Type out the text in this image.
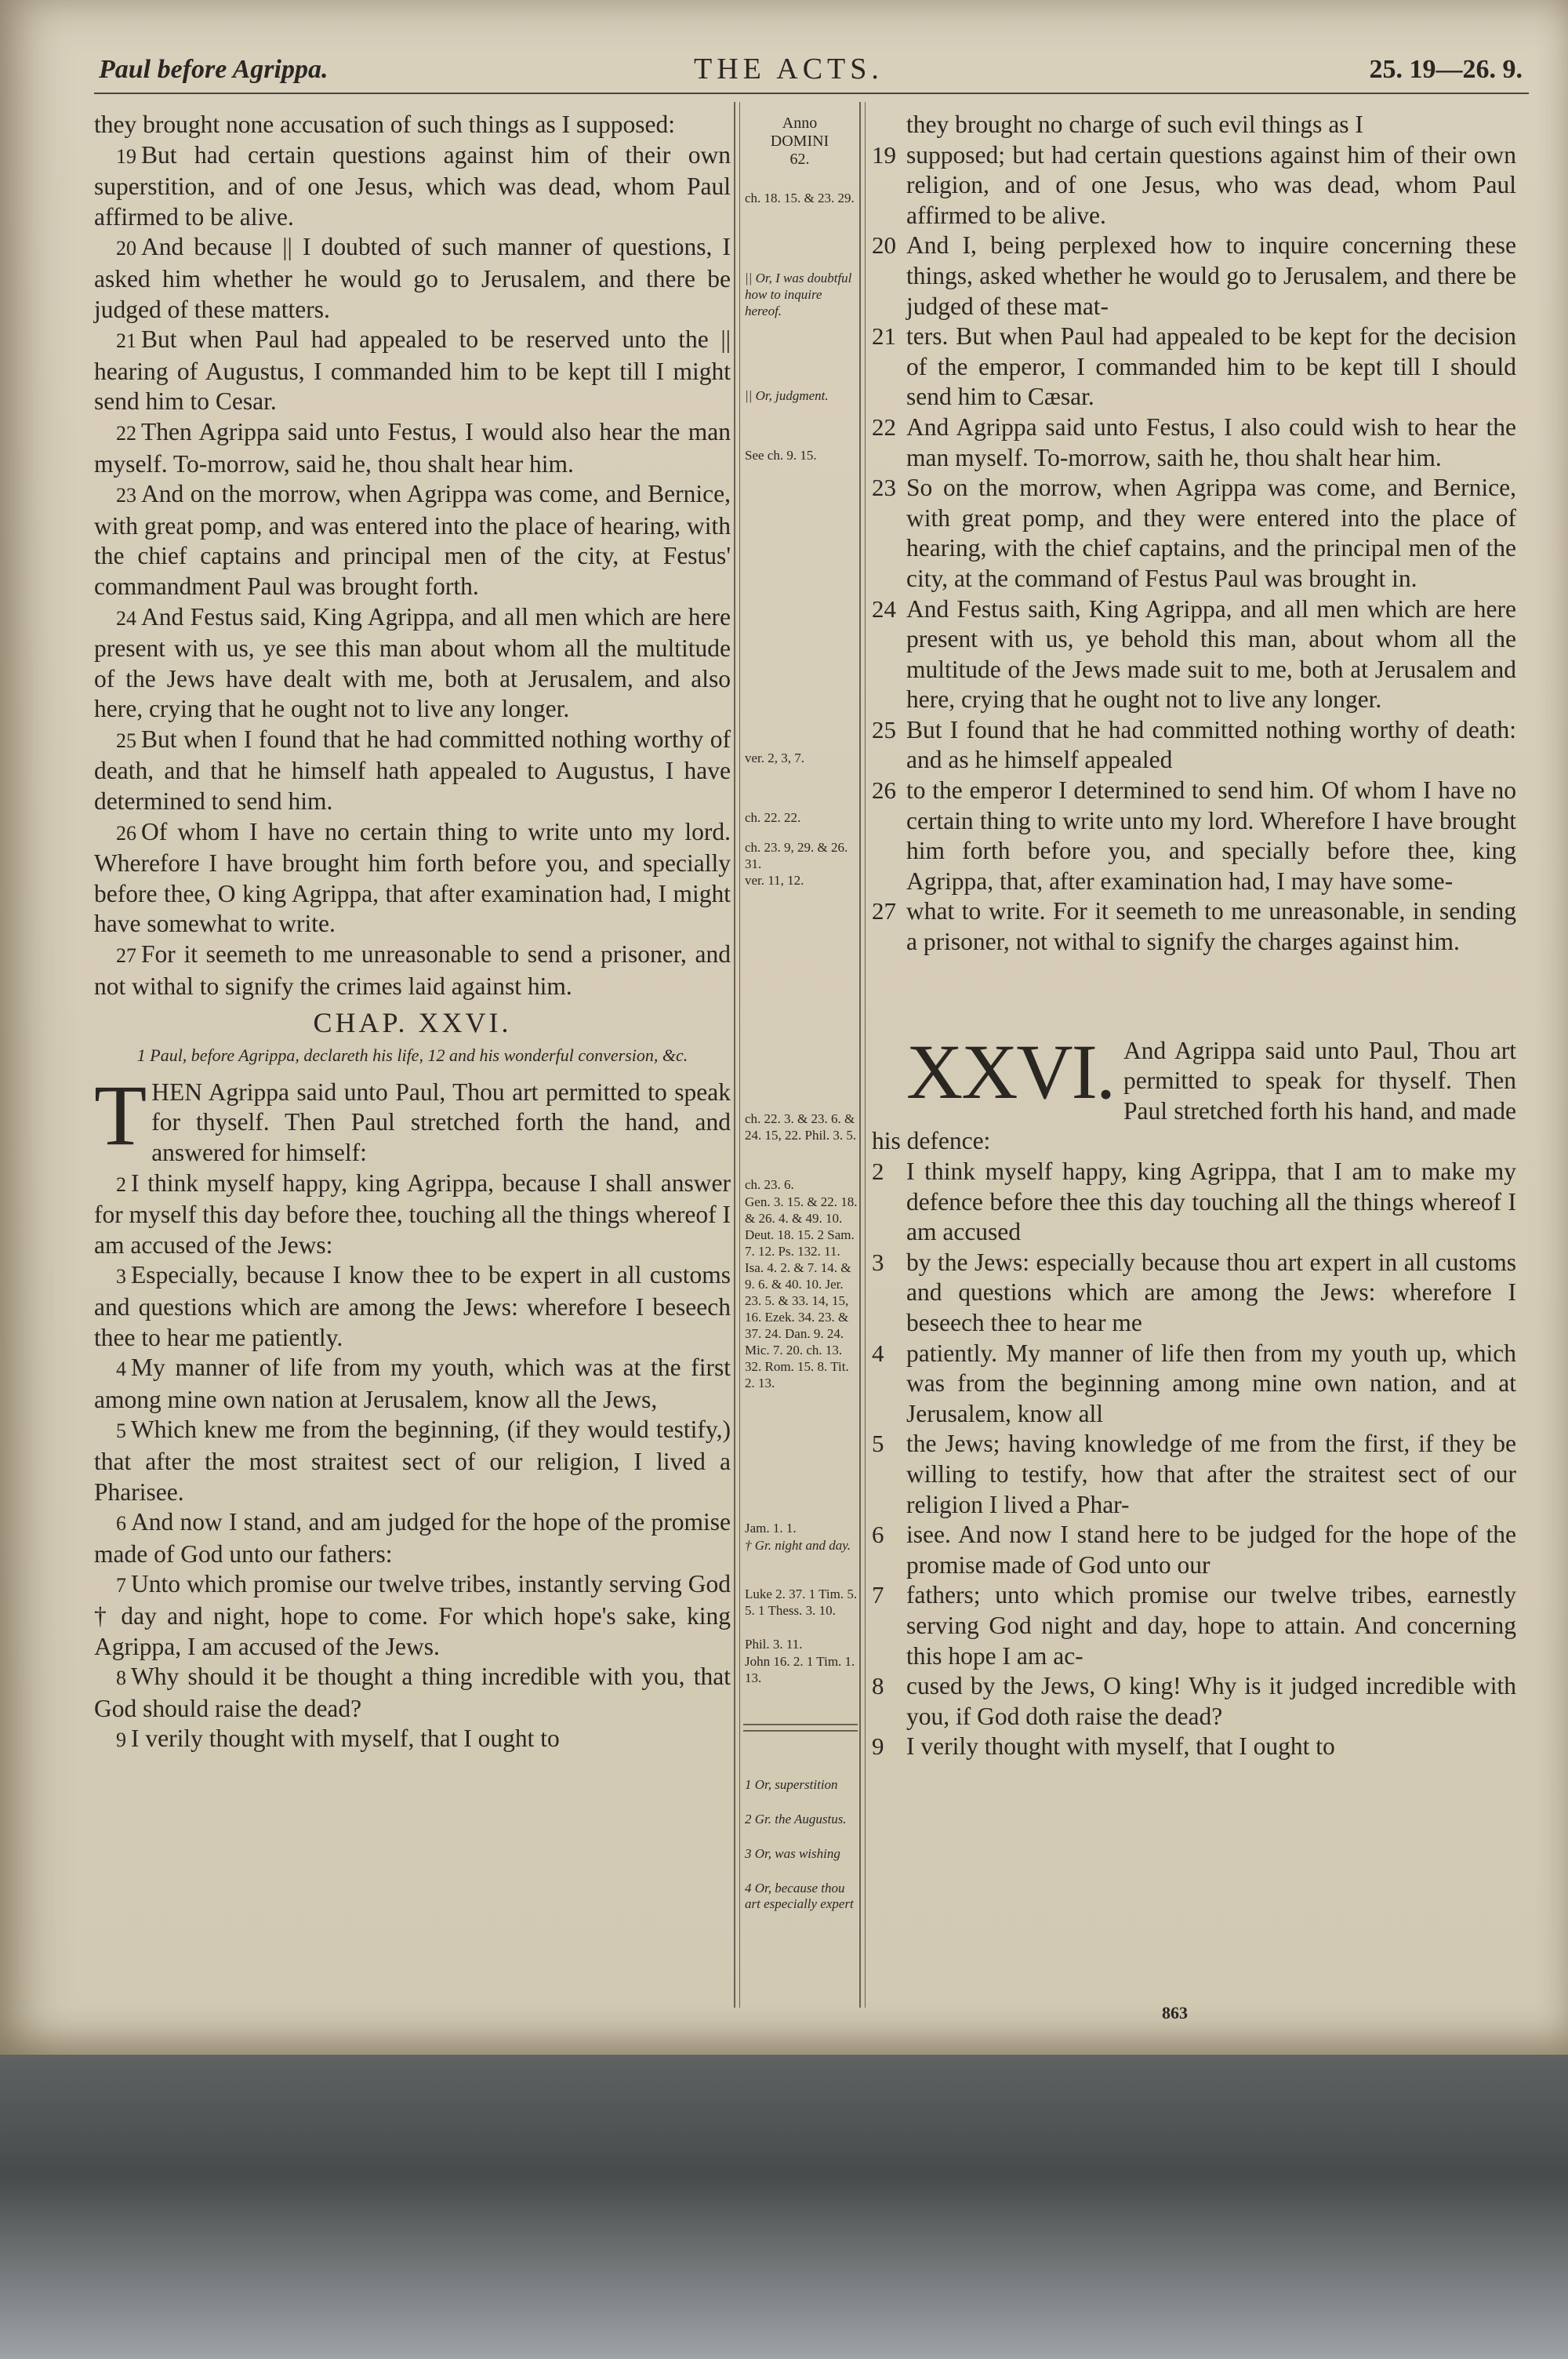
Paul before Agrippa.	THE ACTS.	25. 19—26. 9.

they brought none accusation of such things as I supposed:

19 But had certain questions against him of their own superstition, and of one Jesus, which was dead, whom Paul affirmed to be alive.

20 And because || I doubted of such manner of questions, I asked him whether he would go to Jerusalem, and there be judged of these matters.

21 But when Paul had appealed to be reserved unto the || hearing of Augustus, I commanded him to be kept till I might send him to Cesar.

22 Then Agrippa said unto Festus, I would also hear the man myself. To-morrow, said he, thou shalt hear him.

23 And on the morrow, when Agrippa was come, and Bernice, with great pomp, and was entered into the place of hearing, with the chief captains and principal men of the city, at Festus' commandment Paul was brought forth.

24 And Festus said, King Agrippa, and all men which are here present with us, ye see this man about whom all the multitude of the Jews have dealt with me, both at Jerusalem, and also here, crying that he ought not to live any longer.

25 But when I found that he had committed nothing worthy of death, and that he himself hath appealed to Augustus, I have determined to send him.

26 Of whom I have no certain thing to write unto my lord. Wherefore I have brought him forth before you, and specially before thee, O king Agrippa, that after examination had, I might have somewhat to write.

27 For it seemeth to me unreasonable to send a prisoner, and not withal to signify the crimes laid against him.

CHAP. XXVI.
1 Paul, before Agrippa, declareth his life, 12 and his wonderful conversion, &c.

THEN Agrippa said unto Paul, Thou art permitted to speak for thyself. Then Paul stretched forth the hand, and answered for himself:

2 I think myself happy, king Agrippa, because I shall answer for myself this day before thee, touching all the things whereof I am accused of the Jews:

3 Especially, because I know thee to be expert in all customs and questions which are among the Jews: wherefore I beseech thee to hear me patiently.

4 My manner of life from my youth, which was at the first among mine own nation at Jerusalem, know all the Jews,

5 Which knew me from the beginning, (if they would testify,) that after the most straitest sect of our religion, I lived a Pharisee.

6 And now I stand, and am judged for the hope of the promise made of God unto our fathers:

7 Unto which promise our twelve tribes, instantly serving God † day and night, hope to come. For which hope's sake, king Agrippa, I am accused of the Jews.

8 Why should it be thought a thing incredible with you, that God should raise the dead?

9 I verily thought with myself, that I ought to

Anno
DOMINI
62.
ch. 18. 15. & 23. 29.
|| Or, I was doubtful how to inquire hereof.
|| Or, judgment.
See ch. 9. 15.
ver. 2, 3, 7.
ch. 22. 22.
ch. 23. 9, 29. & 26. 31.
ver. 11, 12.
ch. 22. 3. & 23. 6. & 24. 15, 22. Phil. 3. 5.
ch. 23. 6.
Gen. 3. 15. & 22. 18. & 26. 4. & 49. 10. Deut. 18. 15. 2 Sam. 7. 12. Ps. 132. 11. Isa. 4. 2. & 7. 14. & 9. 6. & 40. 10. Jer. 23. 5. & 33. 14, 15, 16. Ezek. 34. 23. & 37. 24. Dan. 9. 24. Mic. 7. 20. ch. 13. 32. Rom. 15. 8. Tit. 2. 13.
Jam. 1. 1.
† Gr. night and day.
Luke 2. 37. 1 Tim. 5. 5. 1 Thess. 3. 10.
Phil. 3. 11.
John 16. 2. 1 Tim. 1. 13.
1 Or, superstition
2 Gr. the Augustus.
3 Or, was wishing
4 Or, because thou art especially expert

they brought no charge of such evil things as I

19 supposed; but had certain questions against him of their own religion, and of one Jesus, who was dead, whom Paul affirmed to be alive.

20 And I, being perplexed how to inquire concerning these things, asked whether he would go to Jerusalem, and there be judged of these mat-

21 ters. But when Paul had appealed to be kept for the decision of the emperor, I commanded him to be kept till I should send him to Cæsar.

22 And Agrippa said unto Festus, I also could wish to hear the man myself. To-morrow, saith he, thou shalt hear him.

23 So on the morrow, when Agrippa was come, and Bernice, with great pomp, and they were entered into the place of hearing, with the chief captains, and the principal men of the city, at the command of Festus Paul was brought in.

24 And Festus saith, King Agrippa, and all men which are here present with us, ye behold this man, about whom all the multitude of the Jews made suit to me, both at Jerusalem and here, crying that he ought not to live any longer.

25 But I found that he had committed nothing worthy of death: and as he himself appealed

26 to the emperor I determined to send him. Of whom I have no certain thing to write unto my lord. Wherefore I have brought him forth before you, and specially before thee, king Agrippa, that, after examination had, I may have some-

27 what to write. For it seemeth to me unreasonable, in sending a prisoner, not withal to signify the charges against him.

XXVI. And Agrippa said unto Paul, Thou art permitted to speak for thyself. Then Paul stretched forth his hand, and made his defence:

2 I think myself happy, king Agrippa, that I am to make my defence before thee this day touching all the things whereof I am accused

3 by the Jews: especially because thou art expert in all customs and questions which are among the Jews: wherefore I beseech thee to hear me

4 patiently. My manner of life then from my youth up, which was from the beginning among mine own nation, and at Jerusalem, know all

5 the Jews; having knowledge of me from the first, if they be willing to testify, how that after the straitest sect of our religion I lived a Phar-

6 isee. And now I stand here to be judged for the hope of the promise made of God unto our

7 fathers; unto which promise our twelve tribes, earnestly serving God night and day, hope to attain. And concerning this hope I am ac-

8 cused by the Jews, O king! Why is it judged incredible with you, if God doth raise the dead?

9 I verily thought with myself, that I ought to

863
